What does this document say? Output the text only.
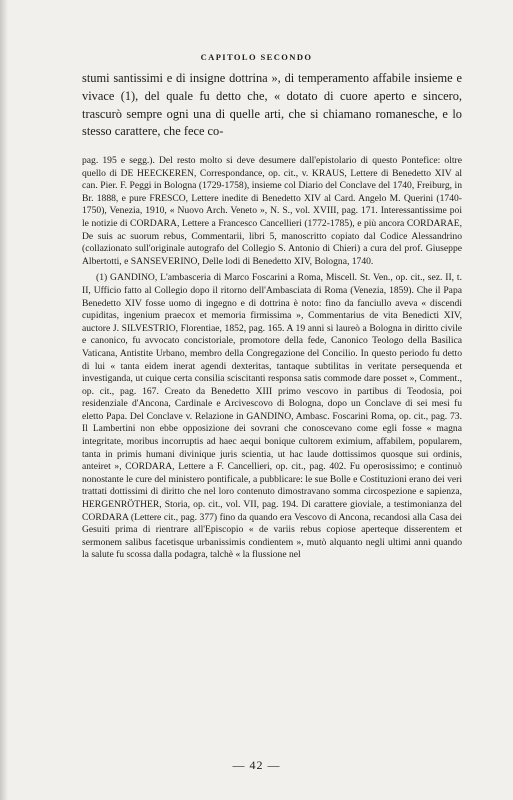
CAPITOLO SECONDO

stumi santissimi e di insigne dottrina », di temperamento affabile insieme e vivace (1), del quale fu detto che, « dotato di cuore aperto e sincero, trascurò sempre ogni una di quelle arti, che si chiamano romanesche, e lo stesso carattere, che fece co-

pag. 195 e segg.). Del resto molto si deve desumere dall'epistolario di questo Pontefice: oltre quello di DE HEECKEREN, Correspondance, op. cit., v. KRAUS, Lettere di Benedetto XIV al can. Pier. F. Peggi in Bologna (1729-1758), insieme col Diario del Conclave del 1740, Freiburg, in Br. 1888, e pure FRESCO, Lettere inedite di Benedetto XIV al Card. Angelo M. Querini (1740-1750), Venezia, 1910, « Nuovo Arch. Veneto », N. S., vol. XVIII, pag. 171. Interessantissime poi le notizie di CORDARA, Lettere a Francesco Cancellieri (1772-1785), e più ancora CORDARAE, De suis ac suorum rebus, Commentarii, libri 5, manoscritto copiato dal Codice Alessandrino (collazionato sull'originale autografo del Collegio S. Antonio di Chieri) a cura del prof. Giuseppe Albertotti, e SANSEVERINO, Delle lodi di Benedetto XIV, Bologna, 1740.

(1) GANDINO, L'ambasceria di Marco Foscarini a Roma, Miscell. St. Ven., op. cit., sez. II, t. II, Ufficio fatto al Collegio dopo il ritorno dell'Ambasciata di Roma (Venezia, 1859). Che il Papa Benedetto XIV fosse uomo di ingegno e di dottrina è noto: fino da fanciullo aveva « discendi cupiditas, ingenium praecox et memoria firmissima », Commentarius de vita Benedicti XIV, auctore J. SILVESTRIO, Florentiae, 1852, pag. 165. A 19 anni si laureò a Bologna in diritto civile e canonico, fu avvocato concistoriale, promotore della fede, Canonico Teologo della Basilica Vaticana, Antistite Urbano, membro della Congregazione del Concilio. In questo periodo fu detto di lui « tanta eidem inerat agendi dexteritas, tantaque subtilitas in veritate persequenda et investiganda, ut cuique certa consilia sciscitanti responsa satis commode dare posset », Comment., op. cit., pag. 167. Creato da Benedetto XIII primo vescovo in partibus di Teodosia, poi residenziale d'Ancona, Cardinale e Arcivescovo di Bologna, dopo un Conclave di sei mesi fu eletto Papa. Del Conclave v. Relazione in GANDINO, Ambasc. Foscarini Roma, op. cit., pag. 73. Il Lambertini non ebbe opposizione dei sovrani che conoscevano come egli fosse « magna integritate, moribus incorruptis ad haec aequi bonique cultorem eximium, affabilem, popularem, tanta in primis humani divinique juris scientia, ut hac laude dottissimos quosque sui ordinis, anteiret », CORDARA, Lettere a F. Cancellieri, op. cit., pag. 402. Fu operosissimo; e continuò nonostante le cure del ministero pontificale, a pubblicare: le sue Bolle e Costituzioni erano dei veri trattati dottissimi di diritto che nel loro contenuto dimostravano somma circospezione e sapienza, HERGENRÖTHER, Storia, op. cit., vol. VII, pag. 194. Di carattere gioviale, a testimonianza del CORDARA (Lettere cit., pag. 377) fino da quando era Vescovo di Ancona, recandosi alla Casa dei Gesuiti prima di rientrare all'Episcopio « de variis rebus copiose aperteque disserentem et sermonem salibus facetisque urbanissimis condientem », mutò alquanto negli ultimi anni quando la salute fu scossa dalla podagra, talchè « la flussione nel

— 42 —
